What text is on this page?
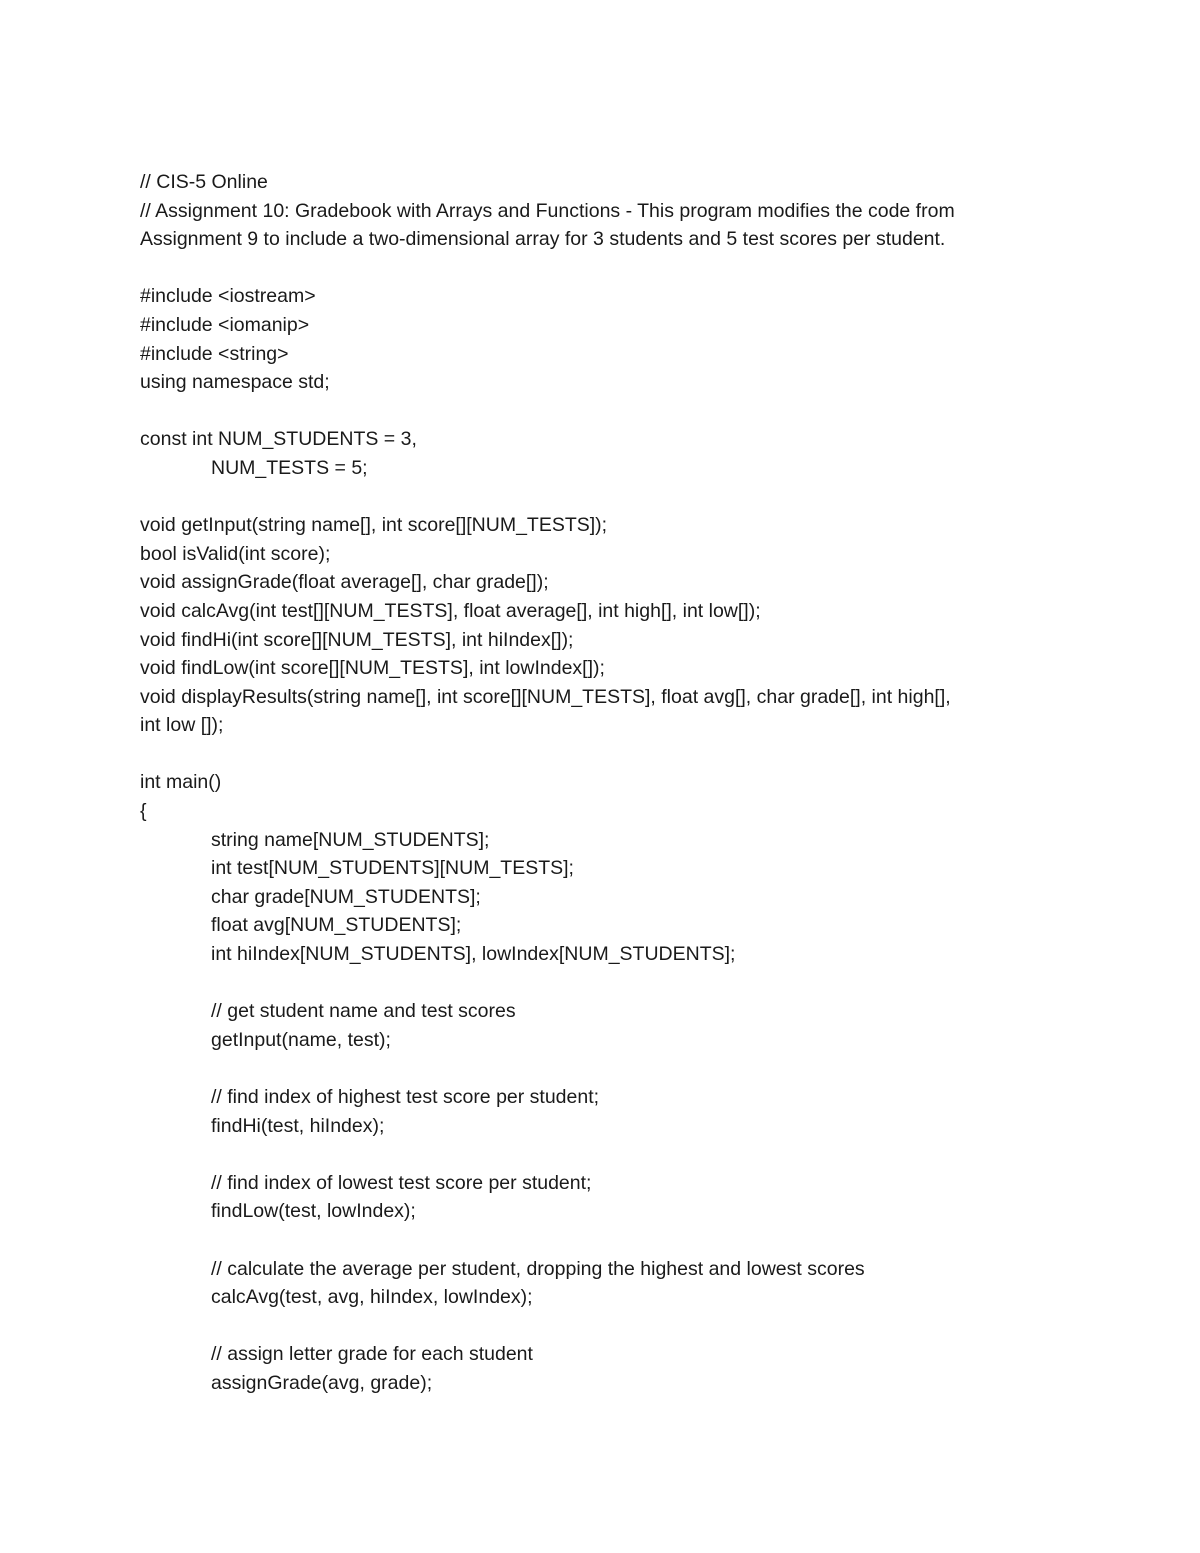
// CIS-5 Online
// Assignment 10: Gradebook with Arrays and Functions - This program modifies the code from
Assignment 9 to include a two-dimensional array for 3 students and 5 test scores per student.
#include <iostream>
#include <iomanip>
#include <string>
using namespace std;
const int NUM_STUDENTS = 3,
NUM_TESTS = 5;
void getInput(string name[], int score[][NUM_TESTS]);
bool isValid(int score);
void assignGrade(float average[], char grade[]);
void calcAvg(int test[][NUM_TESTS], float average[], int high[], int low[]);
void findHi(int score[][NUM_TESTS], int hiIndex[]);
void findLow(int score[][NUM_TESTS], int lowIndex[]);
void displayResults(string name[], int score[][NUM_TESTS], float avg[], char grade[], int high[],
int low []);
int main()
{
string name[NUM_STUDENTS];
int test[NUM_STUDENTS][NUM_TESTS];
char grade[NUM_STUDENTS];
float avg[NUM_STUDENTS];
int hiIndex[NUM_STUDENTS], lowIndex[NUM_STUDENTS];
// get student name and test scores
getInput(name, test);
// find index of highest test score per student;
findHi(test, hiIndex);
// find index of lowest test score per student;
findLow(test, lowIndex);
// calculate the average per student, dropping the highest and lowest scores
calcAvg(test, avg, hiIndex, lowIndex);
// assign letter grade for each student
assignGrade(avg, grade);
